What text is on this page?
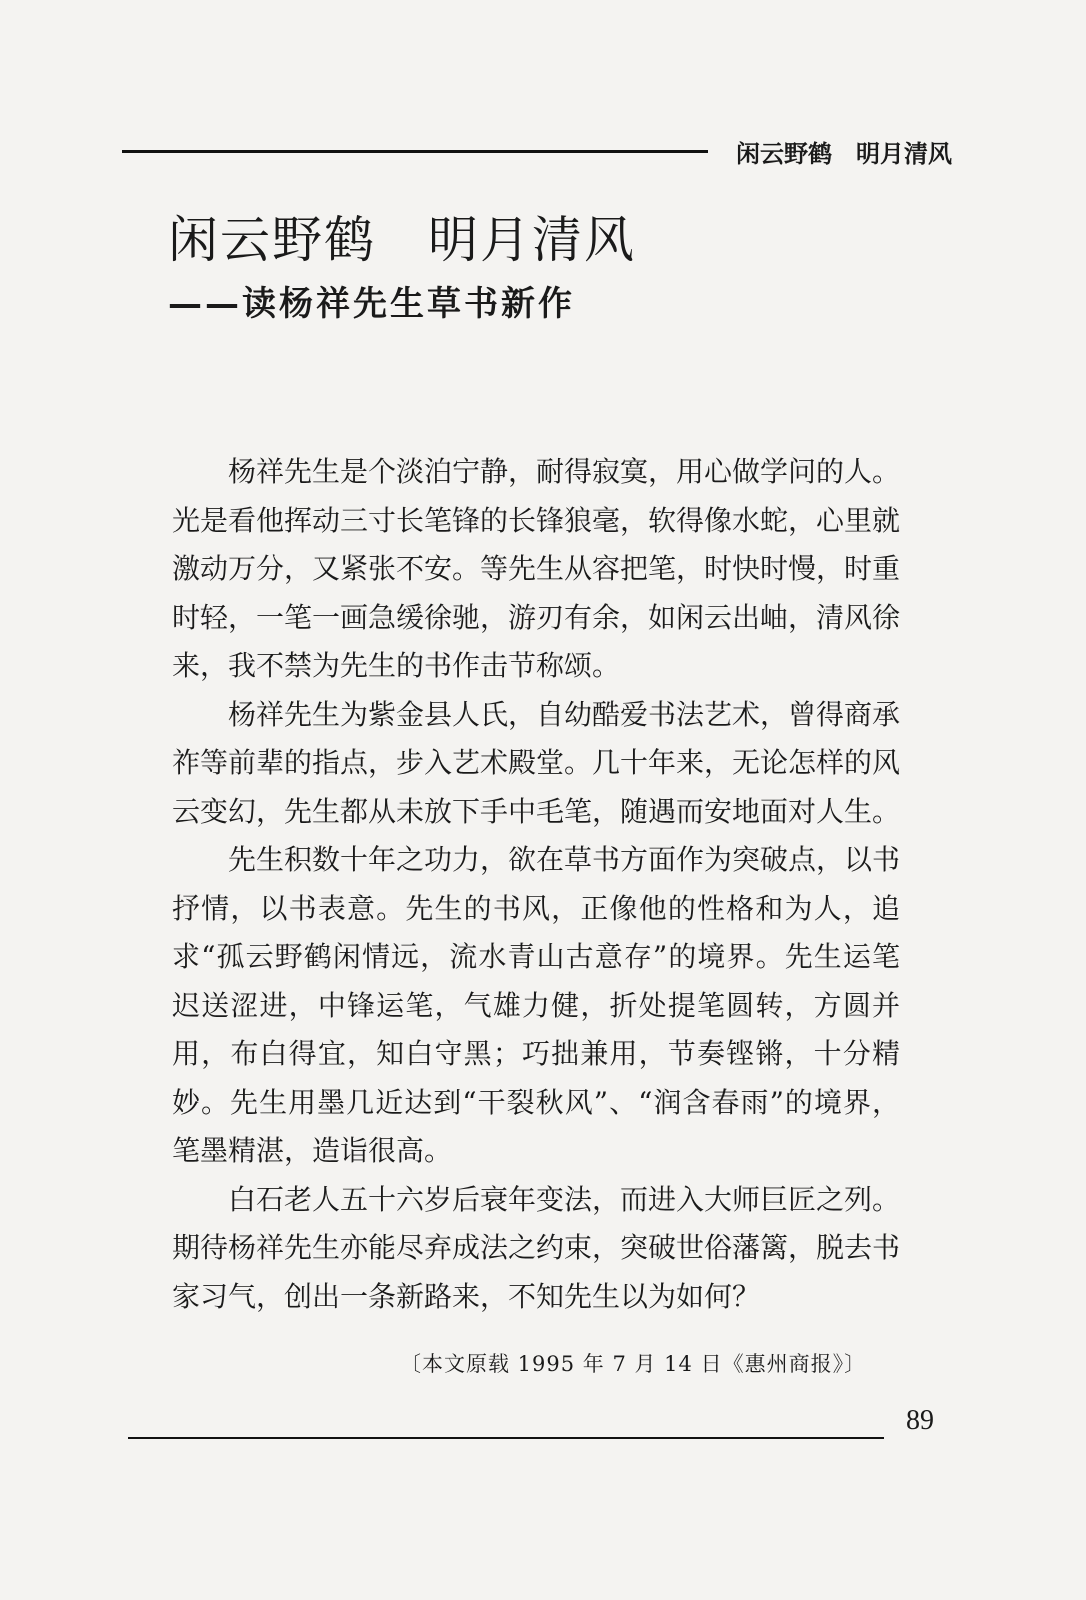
闲云野鹤　明月清风
闲云野鹤　明月清风
——读杨祥先生草书新作

杨祥先生是个淡泊宁静，耐得寂寞，用心做学问的人。光是看他挥动三寸长笔锋的长锋狼毫，软得像水蛇，心里就激动万分，又紧张不安。等先生从容把笔，时快时慢，时重时轻，一笔一画急缓徐驰，游刃有余，如闲云出岫，清风徐来，我不禁为先生的书作击节称颂。

杨祥先生为紫金县人氏，自幼酷爱书法艺术，曾得商承祚等前辈的指点，步入艺术殿堂。几十年来，无论怎样的风云变幻，先生都从未放下手中毛笔，随遇而安地面对人生。

先生积数十年之功力，欲在草书方面作为突破点，以书抒情，以书表意。先生的书风，正像他的性格和为人，追求“孤云野鹤闲情远，流水青山古意存”的境界。先生运笔迟送涩进，中锋运笔，气雄力健，折处提笔圆转，方圆并用，布白得宜，知白守黑；巧拙兼用，节奏铿锵，十分精妙。先生用墨几近达到“干裂秋风”、“润含春雨”的境界，笔墨精湛，造诣很高。

白石老人五十六岁后衰年变法，而进入大师巨匠之列。期待杨祥先生亦能尽弃成法之约束，突破世俗藩篱，脱去书家习气，创出一条新路来，不知先生以为如何？

〔本文原载 1995 年 7 月 14 日《惠州商报》〕
89
